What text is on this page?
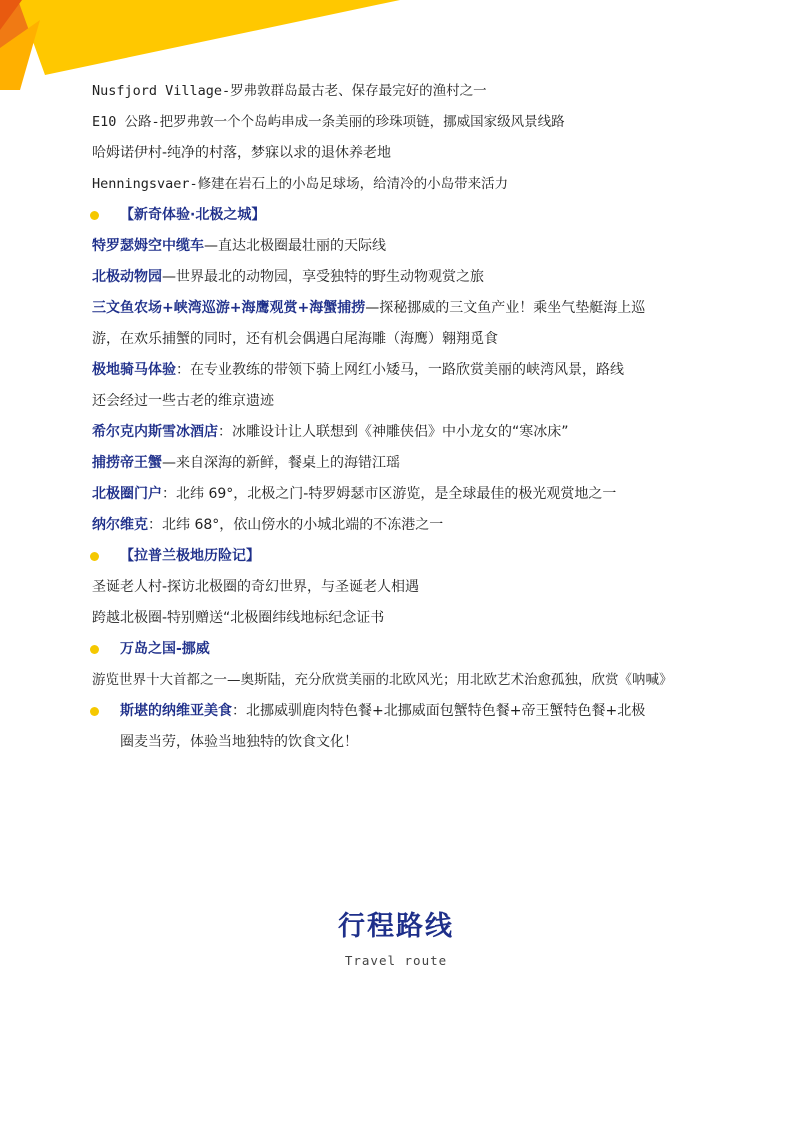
Nusfjord Village-罗弗敦群岛最古老、保存最完好的渔村之一
E10 公路-把罗弗敦一个个岛屿串成一条美丽的珍珠项链，挪威国家级风景线路
哈姆诺伊村-纯净的村落，梦寐以求的退休养老地
Henningsvaer-修建在岩石上的小岛足球场，给清冷的小岛带来活力
【新奇体验·北极之城】
特罗瑟姆空中缆车—直达北极圈最壮丽的天际线
北极动物园—世界最北的动物园，享受独特的野生动物观赏之旅
三文鱼农场+峡湾巡游+海鹰观赏+海蟹捕捞—探秘挪威的三文鱼产业！乘坐气垫艇海上巡
游，在欢乐捕蟹的同时，还有机会偶遇白尾海雕（海鹰）翱翔觅食
极地骑马体验：在专业教练的带领下骑上网红小矮马，一路欣赏美丽的峡湾风景，路线
还会经过一些古老的维京遗迹
希尔克内斯雪冰酒店：冰雕设计让人联想到《神雕侠侣》中小龙女的“寒冰床”
捕捞帝王蟹—来自深海的新鲜，餐桌上的海错江瑶
北极圈门户：北纬 69°，北极之门-特罗姆瑟市区游览，是全球最佳的极光观赏地之一
纳尔维克：北纬 68°，依山傍水的小城北端的不冻港之一
【拉普兰极地历险记】
圣诞老人村-探访北极圈的奇幻世界，与圣诞老人相遇
跨越北极圈-特别赠送“北极圈纬线地标纪念证书
万岛之国-挪威
游览世界十大首都之一—奥斯陆，充分欣赏美丽的北欧风光；用北欧艺术治愈孤独，欣赏《呐喊》
斯堪的纳维亚美食：北挪威驯鹿肉特色餐+北挪威面包蟹特色餐+帝王蟹特色餐+北极
圈麦当劳，体验当地独特的饮食文化！
行程路线
Travel route
